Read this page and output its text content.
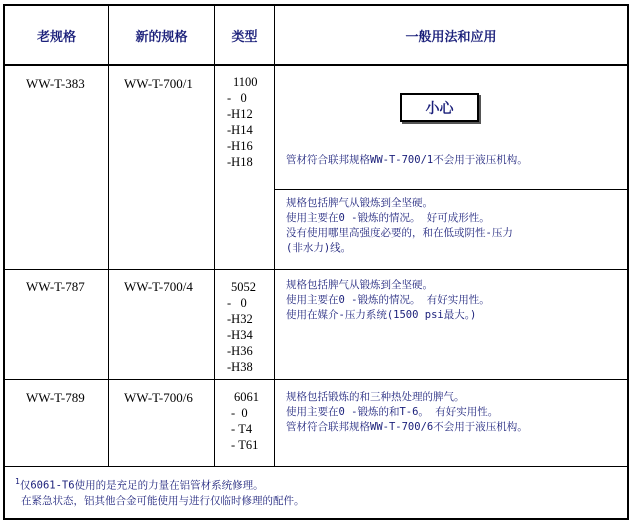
老规格	新的规格	类型	一般用法和应用
WW-T-383	WW-T-700/1	1100
-   0
-H12
-H14
-H16
-H18
小心
管材符合联邦规格WW-T-700/1不会用于液压机构。
规格包括脾气从锻炼到全坚硬。
使用主要在0 -锻炼的情况。 好可成形性。
没有使用哪里高强度必要的，和在低或阴性-压力
(非水力)线。
WW-T-787	WW-T-700/4	5052
-   0
-H32
-H34
-H36
-H38
规格包括脾气从锻炼到全坚硬。
使用主要在0 -锻炼的情况。 有好实用性。
使用在媒介-压力系统(1500 psi最大。)
WW-T-789	WW-T-700/6	6061
-  0
- T4
- T61
规格包括锻炼的和三种热处理的脾气。
使用主要在0 -锻炼的和T-6。 有好实用性。
管材符合联邦规格WW-T-700/6不会用于液压机构。
$^1$仅6061-T6使用的是充足的力量在铝管材系统修理。
在紧急状态，铝其他合金可能使用与进行仅临时修理的配件。
